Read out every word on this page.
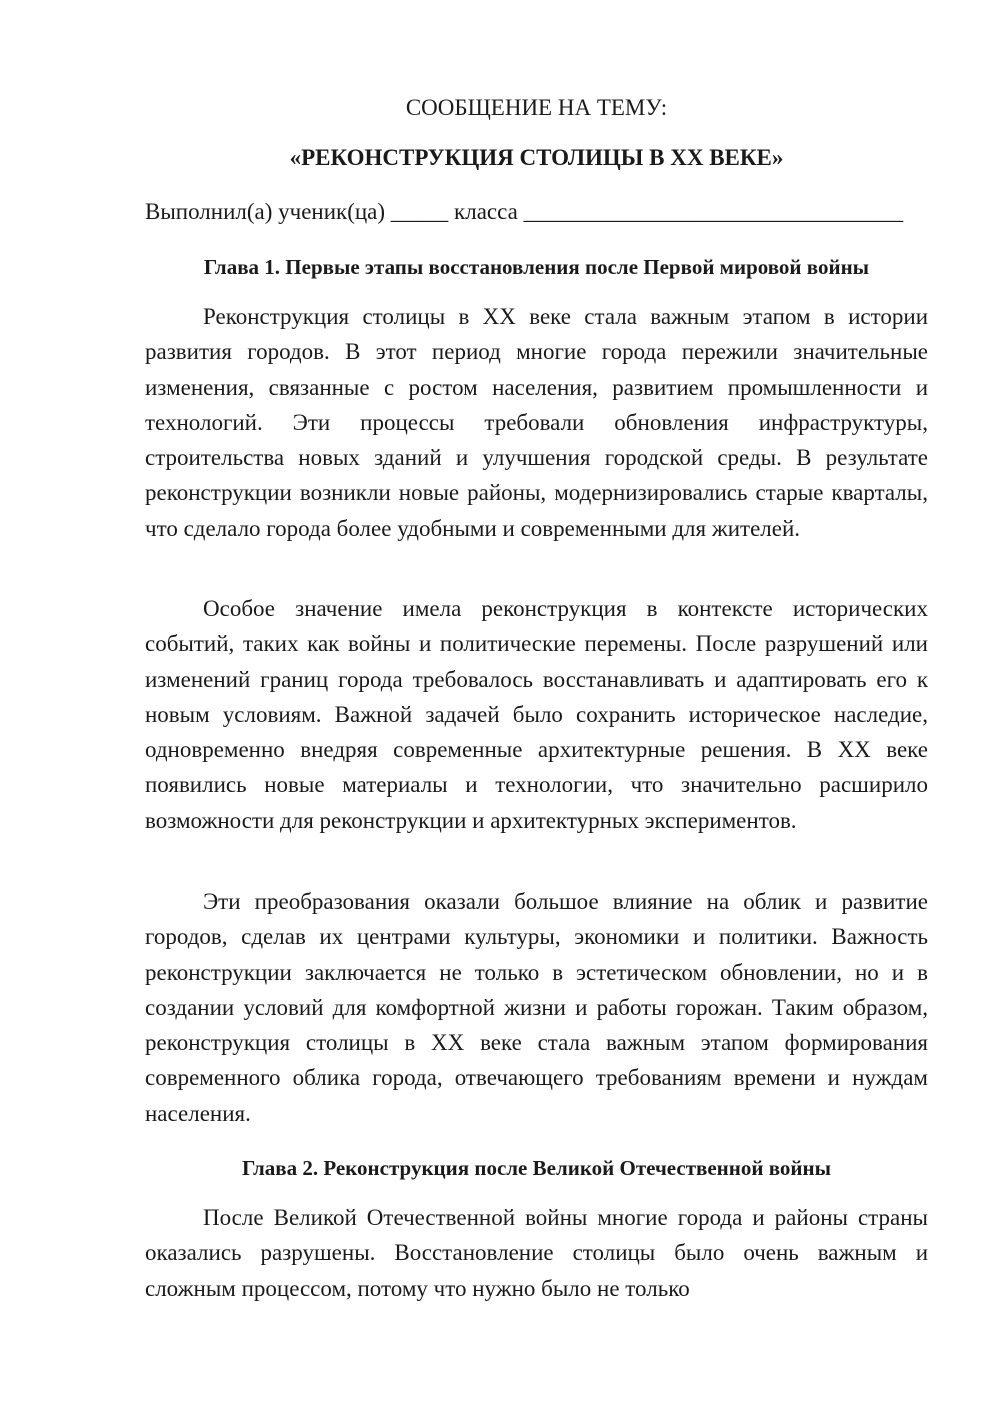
СООБЩЕНИЕ НА ТЕМУ:
«РЕКОНСТРУКЦИЯ СТОЛИЦЫ В XX ВЕКЕ»
Выполнил(а) ученик(ца) _____ класса _________________________________
Глава 1. Первые этапы восстановления после Первой мировой войны
Реконструкция столицы в XX веке стала важным этапом в истории развития городов. В этот период многие города пережили значительные изменения, связанные с ростом населения, развитием промышленности и технологий. Эти процессы требовали обновления инфраструктуры, строительства новых зданий и улучшения городской среды. В результате реконструкции возникли новые районы, модернизировались старые кварталы, что сделало города более удобными и современными для жителей.
Особое значение имела реконструкция в контексте исторических событий, таких как войны и политические перемены. После разрушений или изменений границ города требовалось восстанавливать и адаптировать его к новым условиям. Важной задачей было сохранить историческое наследие, одновременно внедряя современные архитектурные решения. В XX веке появились новые материалы и технологии, что значительно расширило возможности для реконструкции и архитектурных экспериментов.
Эти преобразования оказали большое влияние на облик и развитие городов, сделав их центрами культуры, экономики и политики. Важность реконструкции заключается не только в эстетическом обновлении, но и в создании условий для комфортной жизни и работы горожан. Таким образом, реконструкция столицы в XX веке стала важным этапом формирования современного облика города, отвечающего требованиям времени и нуждам населения.
Глава 2. Реконструкция после Великой Отечественной войны
После Великой Отечественной войны многие города и районы страны оказались разрушены. Восстановление столицы было очень важным и сложным процессом, потому что нужно было не только
